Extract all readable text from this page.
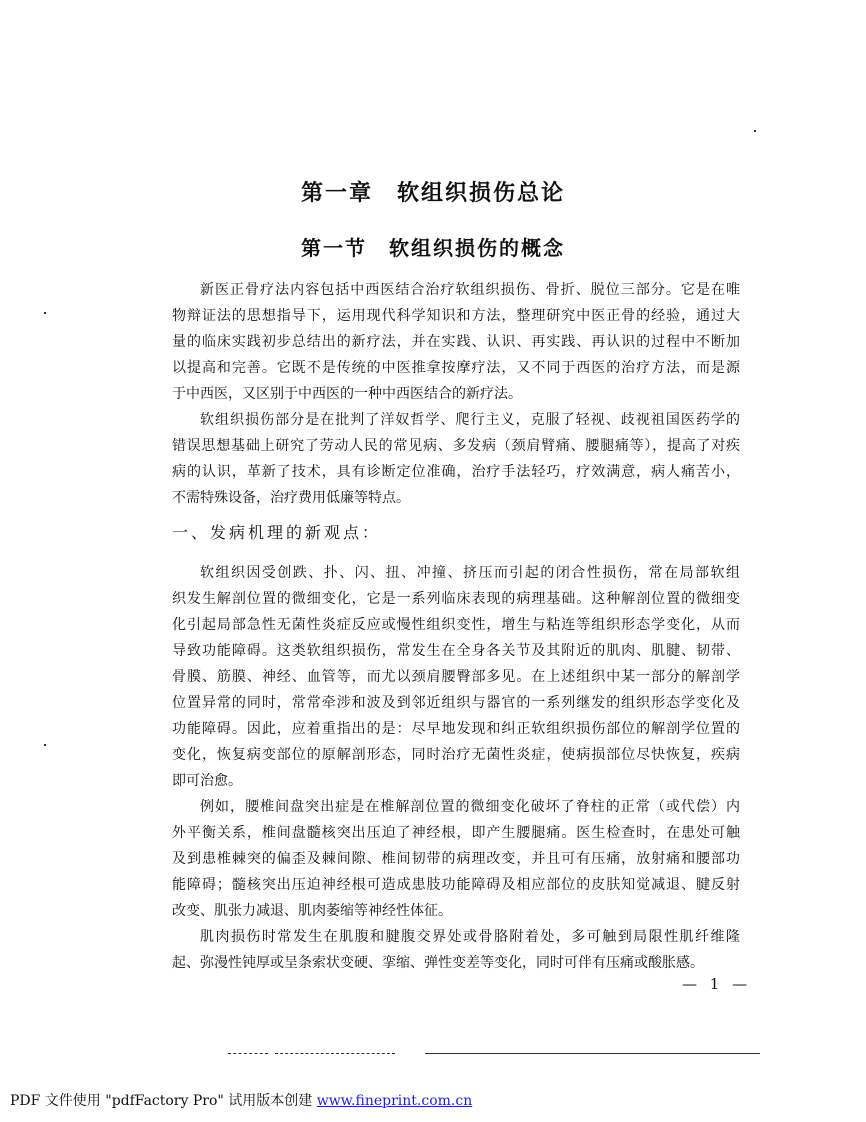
第一章　软组织损伤总论
第一节　软组织损伤的概念
新医正骨疗法内容包括中西医结合治疗软组织损伤、骨折、脱位三部分。它是在唯
物辩证法的思想指导下，运用现代科学知识和方法，整理研究中医正骨的经验，通过大
量的临床实践初步总结出的新疗法，并在实践、认识、再实践、再认识的过程中不断加
以提高和完善。它既不是传统的中医推拿按摩疗法，又不同于西医的治疗方法，而是源
于中西医，又区别于中西医的一种中西医结合的新疗法。
软组织损伤部分是在批判了洋奴哲学、爬行主义，克服了轻视、歧视祖国医药学的
错误思想基础上研究了劳动人民的常见病、多发病（颈肩臂痛、腰腿痛等），提高了对疾
病的认识，革新了技术，具有诊断定位准确，治疗手法轻巧，疗效满意，病人痛苦小，
不需特殊设备，治疗费用低廉等特点。
一、发病机理的新观点：
软组织因受创跌、扑、闪、扭、冲撞、挤压而引起的闭合性损伤，常在局部软组
织发生解剖位置的微细变化，它是一系列临床表现的病理基础。这种解剖位置的微细变
化引起局部急性无菌性炎症反应或慢性组织变性，增生与粘连等组织形态学变化，从而
导致功能障碍。这类软组织损伤，常发生在全身各关节及其附近的肌肉、肌腱、韧带、
骨膜、筋膜、神经、血管等，而尤以颈肩腰臀部多见。在上述组织中某一部分的解剖学
位置异常的同时，常常牵涉和波及到邻近组织与器官的一系列继发的组织形态学变化及
功能障碍。因此，应着重指出的是：尽早地发现和纠正软组织损伤部位的解剖学位置的
变化，恢复病变部位的原解剖形态，同时治疗无菌性炎症，使病损部位尽快恢复，疾病
即可治愈。
例如，腰椎间盘突出症是在椎解剖位置的微细变化破坏了脊柱的正常（或代偿）内
外平衡关系，椎间盘髓核突出压迫了神经根，即产生腰腿痛。医生检查时，在患处可触
及到患椎棘突的偏歪及棘间隙、椎间韧带的病理改变，并且可有压痛，放射痛和腰部功
能障碍；髓核突出压迫神经根可造成患肢功能障碍及相应部位的皮肤知觉减退、腱反射
改变、肌张力减退、肌肉萎缩等神经性体征。
肌肉损伤时常发生在肌腹和腱腹交界处或骨胳附着处，多可触到局限性肌纤维隆
起、弥漫性钝厚或呈条索状变硬、挛缩、弹性变差等变化，同时可伴有压痛或酸胀感。
— 1 —
PDF 文件使用 "pdfFactory Pro" 试用版本创建 www.fineprint.com.cn
